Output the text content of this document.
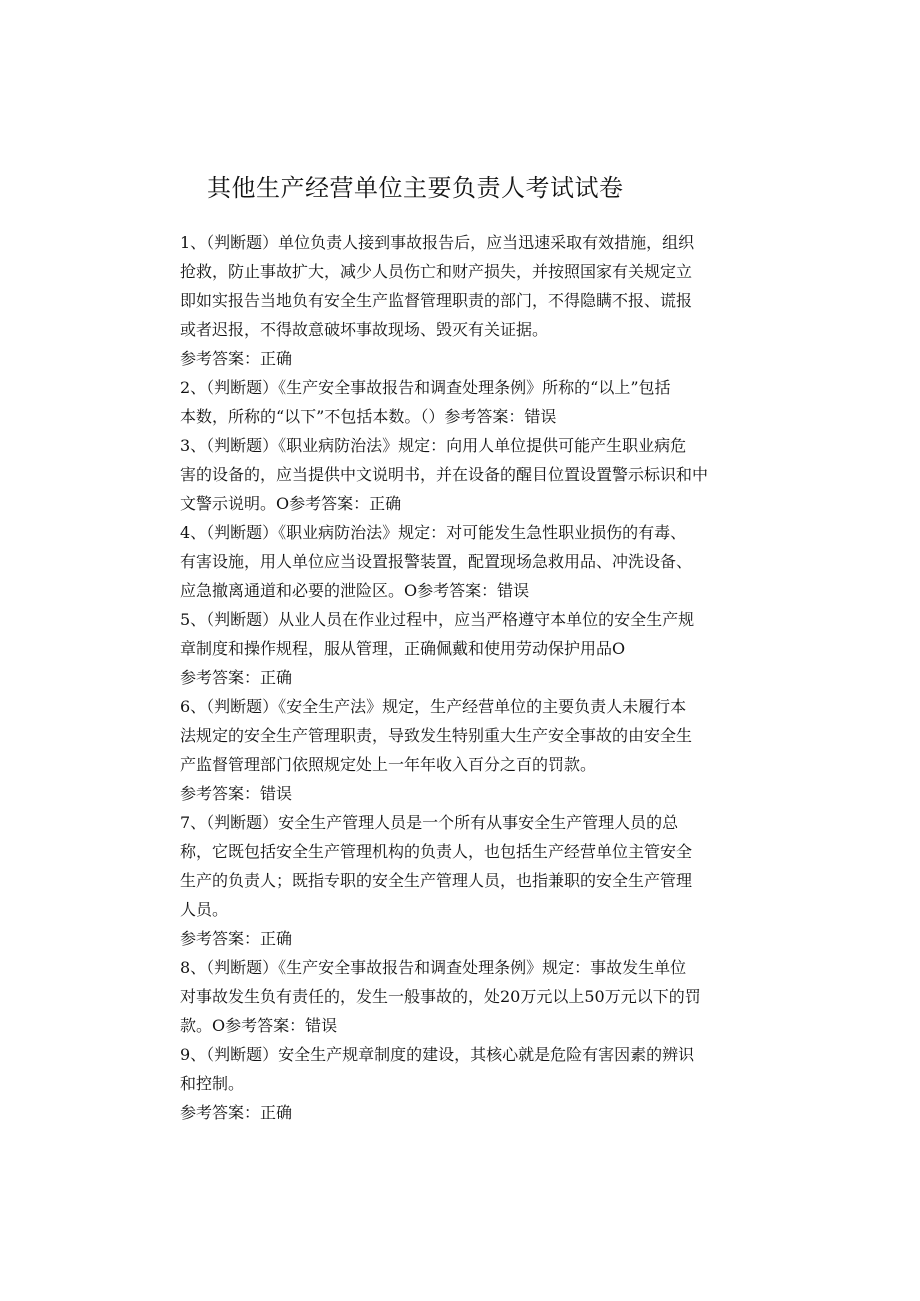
其他生产经营单位主要负责人考试试卷
1、（判断题）单位负责人接到事故报告后，应当迅速采取有效措施，组织
抢救，防止事故扩大，减少人员伤亡和财产损失，并按照国家有关规定立
即如实报告当地负有安全生产监督管理职责的部门，不得隐瞒不报、谎报
或者迟报，不得故意破坏事故现场、毁灭有关证据。
参考答案：正确
2、（判断题）《生产安全事故报告和调查处理条例》所称的“以上”包括
本数，所称的“以下”不包括本数。（）参考答案：错误
3、（判断题）《职业病防治法》规定：向用人单位提供可能产生职业病危
害的设备的，应当提供中文说明书，并在设备的醒目位置设置警示标识和中
文警示说明。O参考答案：正确
4、（判断题）《职业病防治法》规定：对可能发生急性职业损伤的有毒、
有害设施，用人单位应当设置报警装置，配置现场急救用品、冲洗设备、
应急撤离通道和必要的泄险区。O参考答案：错误
5、（判断题）从业人员在作业过程中，应当严格遵守本单位的安全生产规
章制度和操作规程，服从管理，正确佩戴和使用劳动保护用品O
参考答案：正确
6、（判断题）《安全生产法》规定，生产经营单位的主要负责人未履行本
法规定的安全生产管理职责，导致发生特别重大生产安全事故的由安全生
产监督管理部门依照规定处上一年年收入百分之百的罚款。
参考答案：错误
7、（判断题）安全生产管理人员是一个所有从事安全生产管理人员的总
称，它既包括安全生产管理机构的负责人，也包括生产经营单位主管安全
生产的负责人；既指专职的安全生产管理人员，也指兼职的安全生产管理
人员。
参考答案：正确
8、（判断题）《生产安全事故报告和调查处理条例》规定：事故发生单位
对事故发生负有责任的，发生一般事故的，处20万元以上50万元以下的罚
款。O参考答案：错误
9、（判断题）安全生产规章制度的建设，其核心就是危险有害因素的辨识
和控制。
参考答案：正确
